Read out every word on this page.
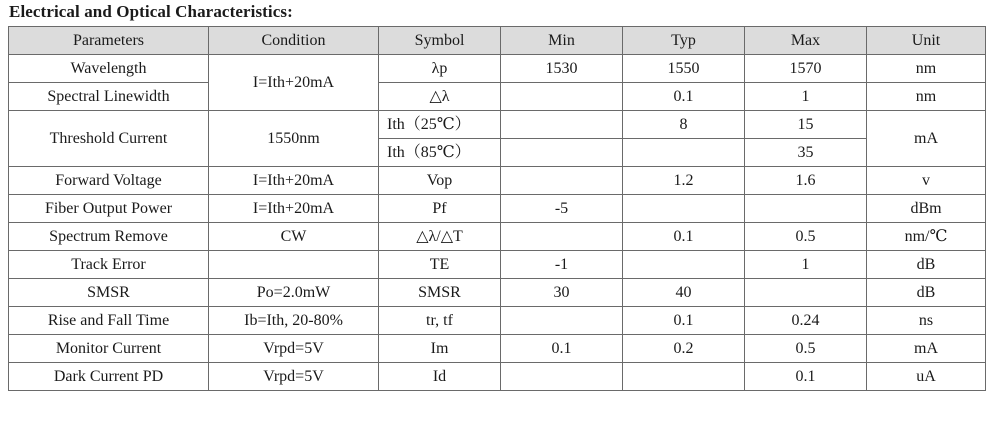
Electrical and Optical Characteristics:
Parameters	Condition	Symbol	Min	Typ	Max	Unit
Wavelength	I=Ith+20mA	λp	1530	1550	1570	nm
Spectral Linewidth		△λ		0.1	1	nm
Threshold Current	1550nm	Ith（25℃）		8	15	mA
		Ith（85℃）			35	
Forward Voltage	I=Ith+20mA	Vop		1.2	1.6	v
Fiber Output Power	I=Ith+20mA	Pf	-5			dBm
Spectrum Remove	CW	△λ/△T		0.1	0.5	nm/℃
Track Error		TE	-1		1	dB
SMSR	Po=2.0mW	SMSR	30	40		dB
Rise and Fall Time	Ib=Ith, 20-80%	tr, tf		0.1	0.24	ns
Monitor Current	Vrpd=5V	Im	0.1	0.2	0.5	mA
Dark Current PD	Vrpd=5V	Id			0.1	uA
